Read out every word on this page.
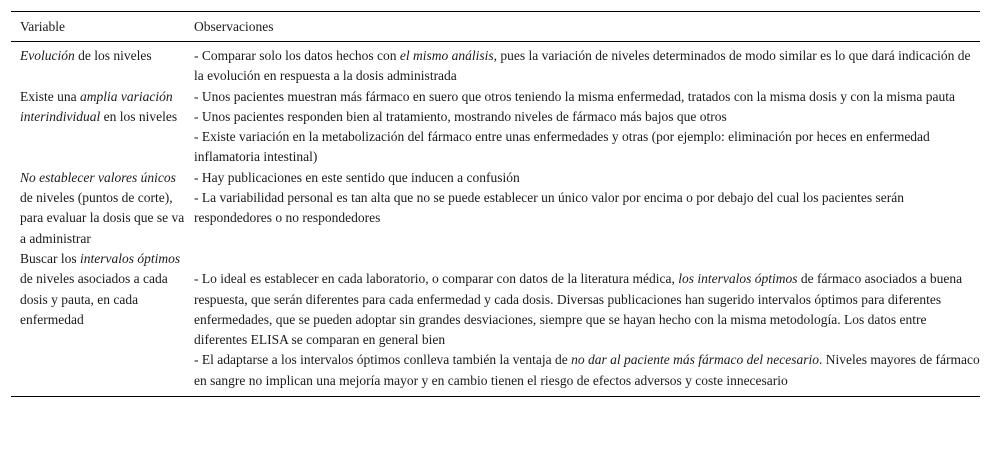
Variable	Observaciones
Evolución de los niveles	- Comparar solo los datos hechos con el mismo análisis, pues la variación de niveles determinados de modo similar es lo que dará indicación de la evolución en respuesta a la dosis administrada

Existe una amplia variación interindividual en los niveles

- Unos pacientes muestran más fármaco en suero que otros teniendo la misma enfermedad, tratados con la misma dosis y con la misma pauta

- Unos pacientes responden bien al tratamiento, mostrando niveles de fármaco más bajos que otros

- Existe variación en la metabolización del fármaco entre unas enfermedades y otras (por ejemplo: eliminación por heces en enfermedad inflamatoria intestinal)

No establecer valores únicos de niveles (puntos de corte), para evaluar la dosis que se va a administrar

- Hay publicaciones en este sentido que inducen a confusión

- La variabilidad personal es tan alta que no se puede establecer un único valor por encima o por debajo del cual los pacientes serán respondedores o no respondedores

Buscar los intervalos óptimos de niveles asociados a cada dosis y pauta, en cada enfermedad

- Lo ideal es establecer en cada laboratorio, o comparar con datos de la literatura médica, los intervalos óptimos de fármaco asociados a buena respuesta, que serán diferentes para cada enfermedad y cada dosis. Diversas publicaciones han sugerido intervalos óptimos para diferentes enfermedades, que se pueden adoptar sin grandes desviaciones, siempre que se hayan hecho con la misma metodología. Los datos entre diferentes ELISA se comparan en general bien

- El adaptarse a los intervalos óptimos conlleva también la ventaja de no dar al paciente más fármaco del necesario. Niveles mayores de fármaco en sangre no implican una mejoría mayor y en cambio tienen el riesgo de efectos adversos y coste innecesario
